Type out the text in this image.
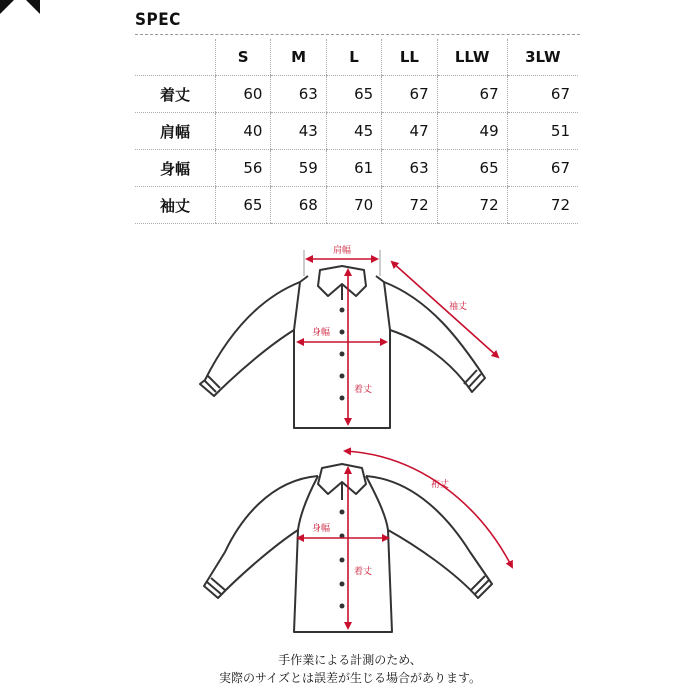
SPEC
	S	M	L	LL	LLW	3LW
着丈	60	63	65	67	67	67
肩幅	40	43	45	47	49	51
身幅	56	59	61	63	65	67
袖丈	65	68	70	72	72	72
肩幅
袖丈
身幅
着丈
裄丈
身幅
着丈
手作業による計測のため、
実際のサイズとは誤差が生じる場合があります。
